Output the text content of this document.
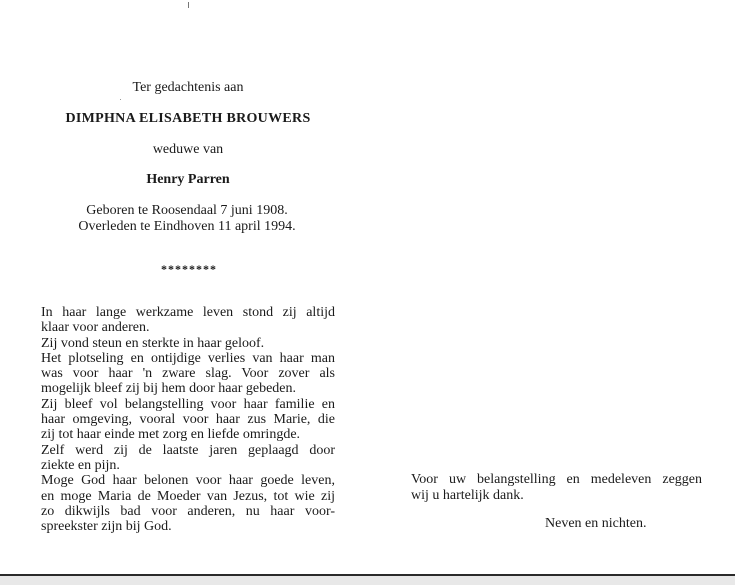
Ter gedachtenis aan
DIMPHNA ELISABETH BROUWERS
weduwe van
Henry Parren
Geboren te Roosendaal 7 juni 1908.
Overleden te Eindhoven 11 april 1994.
********
In haar lange werkzame leven stond zij altijd
klaar voor anderen.
Zij vond steun en sterkte in haar geloof.
Het plotseling en ontijdige verlies van haar man
was voor haar 'n zware slag. Voor zover als
mogelijk bleef zij bij hem door haar gebeden.
Zij bleef vol belangstelling voor haar familie en
haar omgeving, vooral voor haar zus Marie, die
zij tot haar einde met zorg en liefde omringde.
Zelf werd zij de laatste jaren geplaagd door
ziekte en pijn.
Moge God haar belonen voor haar goede leven,
en moge Maria de Moeder van Jezus, tot wie zij
zo dikwijls bad voor anderen, nu haar voor-
spreekster zijn bij God.
Voor uw belangstelling en medeleven zeggen
wij u hartelijk dank.
Neven en nichten.
